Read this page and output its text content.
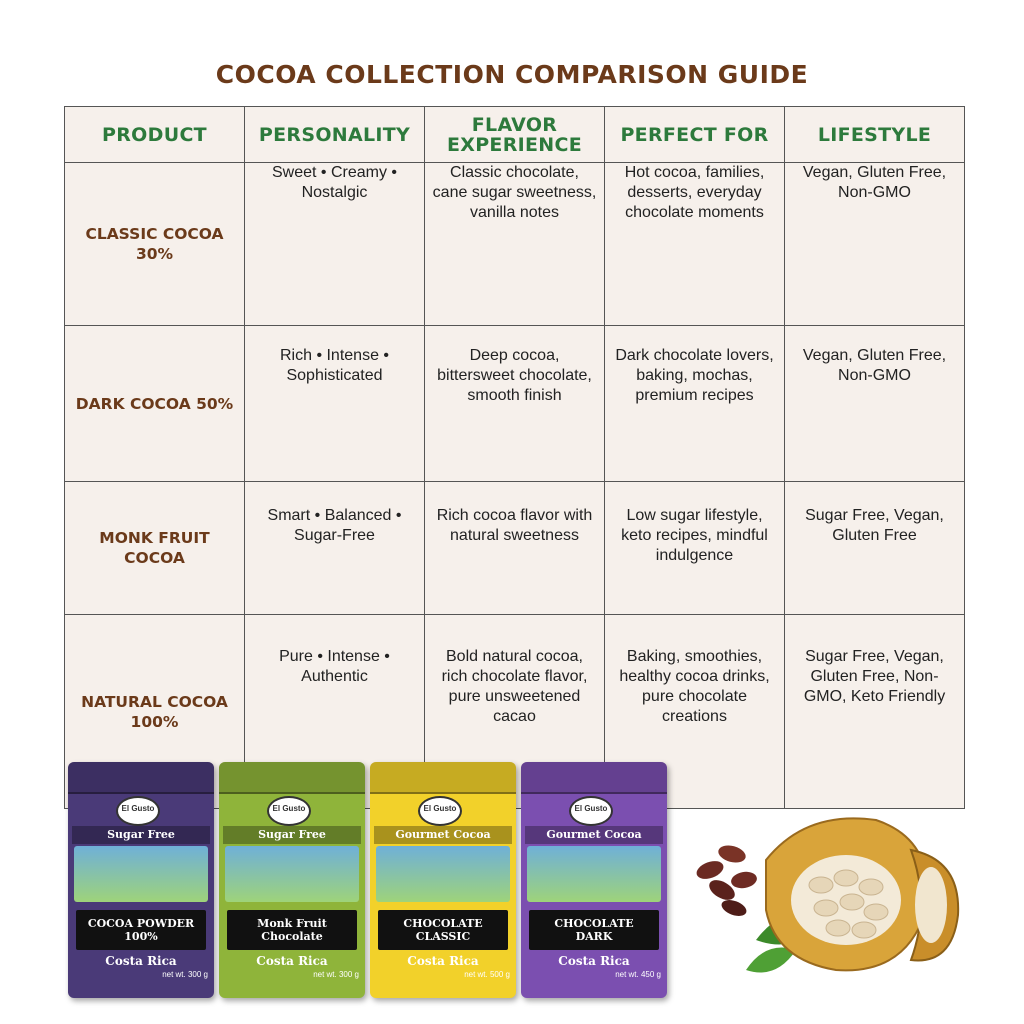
COCOA COLLECTION COMPARISON GUIDE
PRODUCT	PERSONALITY	FLAVOR EXPERIENCE	PERFECT FOR	LIFESTYLE
CLASSIC COCOA 30%	Sweet • Creamy • Nostalgic	Classic chocolate, cane sugar sweetness, vanilla notes	Hot cocoa, families, desserts, everyday chocolate moments	Vegan, Gluten Free, Non-GMO
DARK COCOA 50%	Rich • Intense • Sophisticated	Deep cocoa, bittersweet chocolate, smooth finish	Dark chocolate lovers, baking, mochas, premium recipes	Vegan, Gluten Free, Non-GMO
MONK FRUIT COCOA	Smart • Balanced • Sugar-Free	Rich cocoa flavor with natural sweetness	Low sugar lifestyle, keto recipes, mindful indulgence	Sugar Free, Vegan, Gluten Free
NATURAL COCOA 100%	Pure • Intense • Authentic	Bold natural cocoa, rich chocolate flavor, pure unsweetened cacao	Baking, smoothies, healthy cocoa drinks, pure chocolate creations	Sugar Free, Vegan, Gluten Free, Non-GMO, Keto Friendly
El Gusto
Sugar Free
COCOA POWDER
100%
Costa Rica
net wt. 300 g
El Gusto
Sugar Free
Monk Fruit
Chocolate
Costa Rica
net wt. 300 g
El Gusto
Gourmet Cocoa
CHOCOLATE
CLASSIC
Costa Rica
net wt. 500 g
El Gusto
Gourmet Cocoa
CHOCOLATE
DARK
Costa Rica
net wt. 450 g
